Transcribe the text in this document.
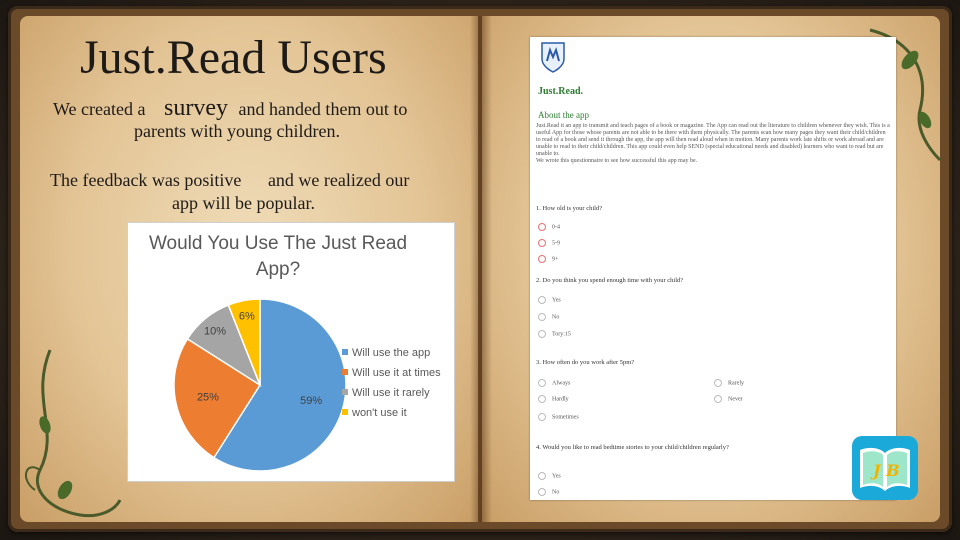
Just.Read Users
We created a survey and handed them out to
parents with young children.
The feedback was positive and we realized our
app will be popular.
Would You Use The Just Read
App?
59%
25%
10%
6%
Will use the app
Will use it at times
Will use it rarely
won't use it
Just.Read.
About the app
Just.Read it an app to transmit and teach pages of a book or magazine. The App can read out the literature to children whenever they wish. This is a useful App for those whose parents are not able to be there with them physically. The parents scan how many pages they want their child/children to read of a book and send it through the app, the app will then read aloud when in motion. Many parents work late shifts or work abroad and are unable to read to their child/children. This app could even help SEND (special educational needs and disabled) learners who want to read but are unable to.
We wrote this questionnaire to see how successful this app may be.
1. How old is your child?
0-4
5-9
9+
2. Do you think you spend enough time with your child?
Yes
No
Tory:15
3. How often do you work after 5pm?
Always	Rarely
Hardly	Never
Sometimes
4. Would you like to read bedtime stories to your child/children regularly?
Yes
No
J B
